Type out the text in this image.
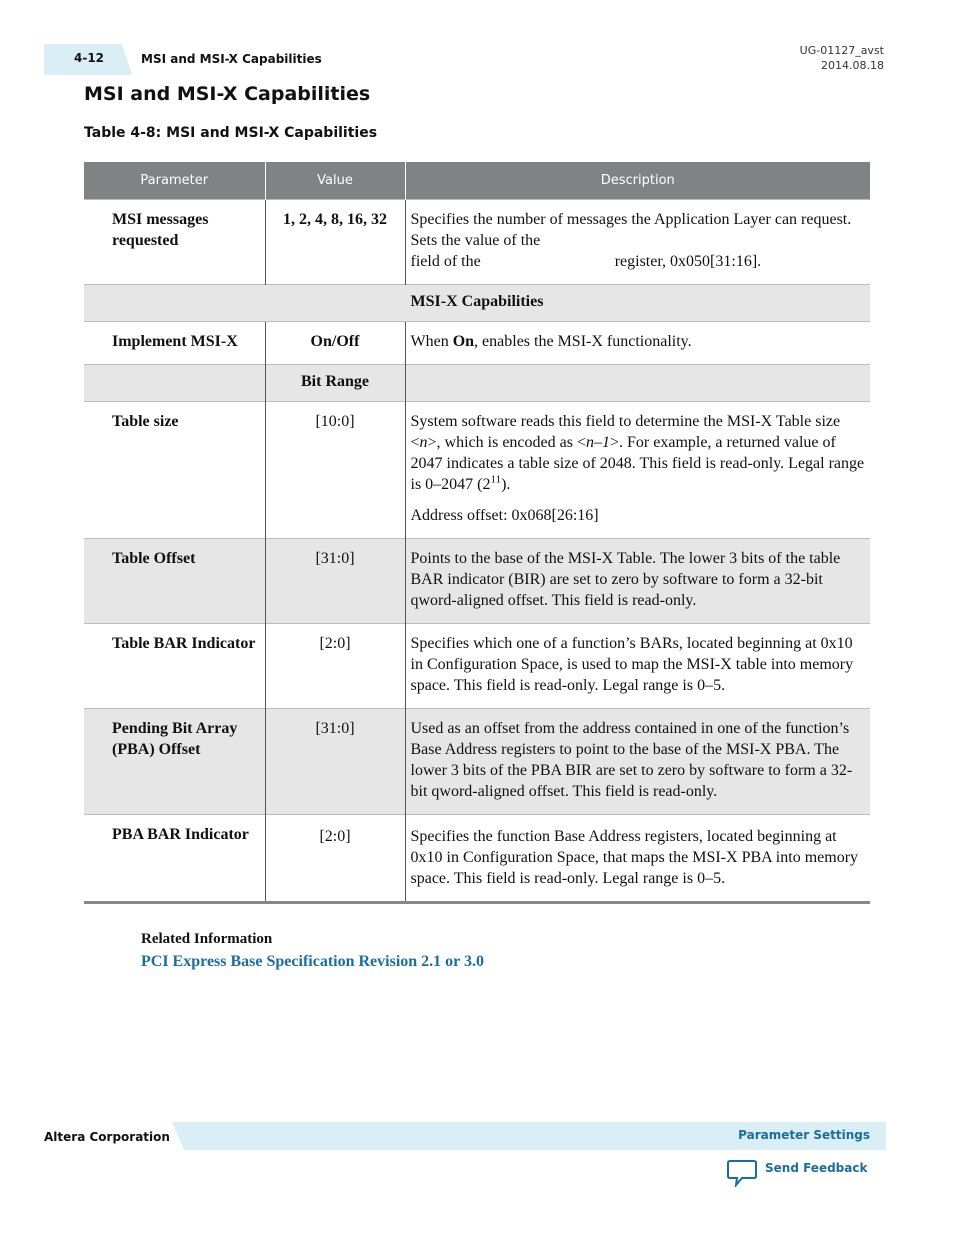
4-12	MSI and MSI-X Capabilities
UG-01127_avst
2014.08.18
MSI and MSI-X Capabilities
Table 4-8: MSI and MSI-X Capabilities
Parameter	Value	Description
MSI messages requested	1, 2, 4, 8, 16, 32	Specifies the number of messages the Application Layer can request. Sets the value of the
field of the register, 0x050[31:16].
MSI-X Capabilities		
Implement MSI-X	On/Off	When On, enables the MSI-X functionality.
	Bit Range	
Table size	[10:0]	System software reads this field to determine the MSI-X Table size <n>, which is encoded as <n–1>. For example, a returned value of 2047 indicates a table size of 2048. This field is read-only. Legal range is 0–2047 $(2^{11})$.

Address offset: 0x068[26:16]

Table Offset	[31:0]	Points to the base of the MSI-X Table. The lower 3 bits of the table BAR indicator (BIR) are set to zero by software to form a 32-bit qword-aligned offset. This field is read-only.
Table BAR Indicator	[2:0]	Specifies which one of a function’s BARs, located beginning at 0x10 in Configuration Space, is used to map the MSI-X table into memory space. This field is read-only. Legal range is 0–5.
Pending Bit Array (PBA) Offset	[31:0]	Used as an offset from the address contained in one of the function’s Base Address registers to point to the base of the MSI-X PBA. The lower 3 bits of the PBA BIR are set to zero by software to form a 32-bit qword-aligned offset. This field is read-only.
PBA BAR Indicator	[2:0]	Specifies the function Base Address registers, located beginning at 0x10 in Configuration Space, that maps the MSI-X PBA into memory space. This field is read-only. Legal range is 0–5.
Related Information
PCI Express Base Specification Revision 2.1 or 3.0
Altera Corporation	Parameter Settings
Send Feedback
